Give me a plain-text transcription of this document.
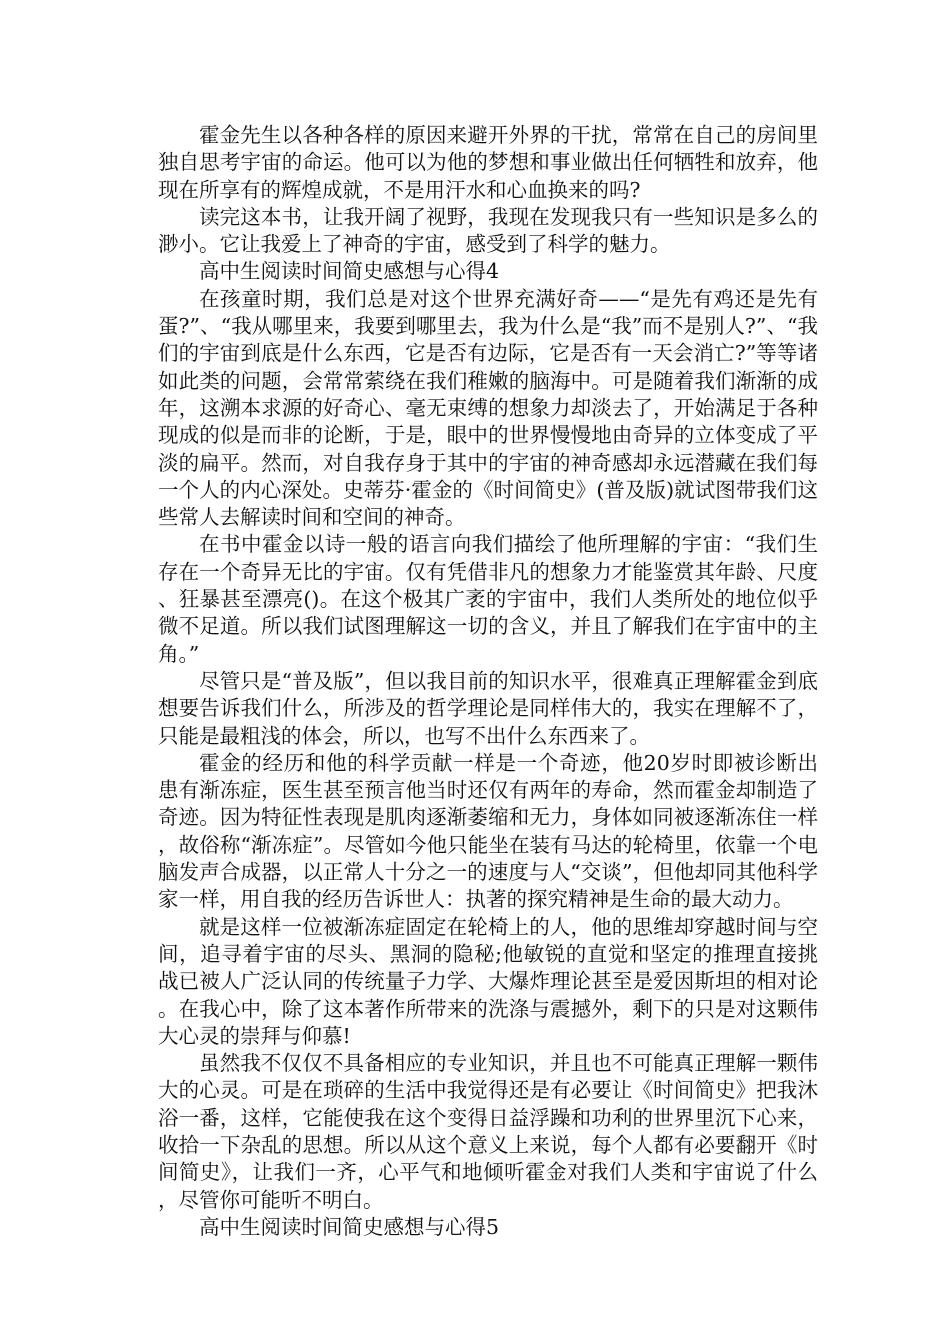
霍金先生以各种各样的原因来避开外界的干扰，常常在自己的房间里独自思考宇宙的命运。他可以为他的梦想和事业做出任何牺牲和放弃，他现在所享有的辉煌成就，不是用汗水和心血换来的吗?

读完这本书，让我开阔了视野，我现在发现我只有一些知识是多么的渺小。它让我爱上了神奇的宇宙，感受到了科学的魅力。

高中生阅读时间简史感想与心得4

在孩童时期，我们总是对这个世界充满好奇——“是先有鸡还是先有蛋?”、“我从哪里来，我要到哪里去，我为什么是“我”而不是别人?”、“我们的宇宙到底是什么东西，它是否有边际，它是否有一天会消亡?”等等诸如此类的问题，会常常萦绕在我们稚嫩的脑海中。可是随着我们渐渐的成年，这溯本求源的好奇心、毫无束缚的想象力却淡去了，开始满足于各种现成的似是而非的论断，于是，眼中的世界慢慢地由奇异的立体变成了平淡的扁平。然而，对自我存身于其中的宇宙的神奇感却永远潜藏在我们每一个人的内心深处。史蒂芬·霍金的《时间简史》(普及版)就试图带我们这些常人去解读时间和空间的神奇。

在书中霍金以诗一般的语言向我们描绘了他所理解的宇宙：“我们生存在一个奇异无比的宇宙。仅有凭借非凡的想象力才能鉴赏其年龄、尺度、狂暴甚至漂亮()。在这个极其广袤的宇宙中，我们人类所处的地位似乎微不足道。所以我们试图理解这一切的含义，并且了解我们在宇宙中的主角。”

尽管只是“普及版”，但以我目前的知识水平，很难真正理解霍金到底想要告诉我们什么，所涉及的哲学理论是同样伟大的，我实在理解不了，只能是最粗浅的体会，所以，也写不出什么东西来了。

霍金的经历和他的科学贡献一样是一个奇迹，他20岁时即被诊断出患有渐冻症，医生甚至预言他当时还仅有两年的寿命，然而霍金却制造了奇迹。因为特征性表现是肌肉逐渐萎缩和无力，身体如同被逐渐冻住一样，故俗称“渐冻症”。尽管如今他只能坐在装有马达的轮椅里，依靠一个电脑发声合成器，以正常人十分之一的速度与人“交谈”，但他却同其他科学家一样，用自我的经历告诉世人：执著的探究精神是生命的最大动力。

就是这样一位被渐冻症固定在轮椅上的人，他的思维却穿越时间与空间，追寻着宇宙的尽头、黑洞的隐秘;他敏锐的直觉和坚定的推理直接挑战已被人广泛认同的传统量子力学、大爆炸理论甚至是爱因斯坦的相对论。在我心中，除了这本著作所带来的洗涤与震撼外，剩下的只是对这颗伟大心灵的崇拜与仰慕!

虽然我不仅仅不具备相应的专业知识，并且也不可能真正理解一颗伟大的心灵。可是在琐碎的生活中我觉得还是有必要让《时间简史》把我沐浴一番，这样，它能使我在这个变得日益浮躁和功利的世界里沉下心来，收拾一下杂乱的思想。所以从这个意义上来说，每个人都有必要翻开《时间简史》，让我们一齐，心平气和地倾听霍金对我们人类和宇宙说了什么，尽管你可能听不明白。

高中生阅读时间简史感想与心得5
